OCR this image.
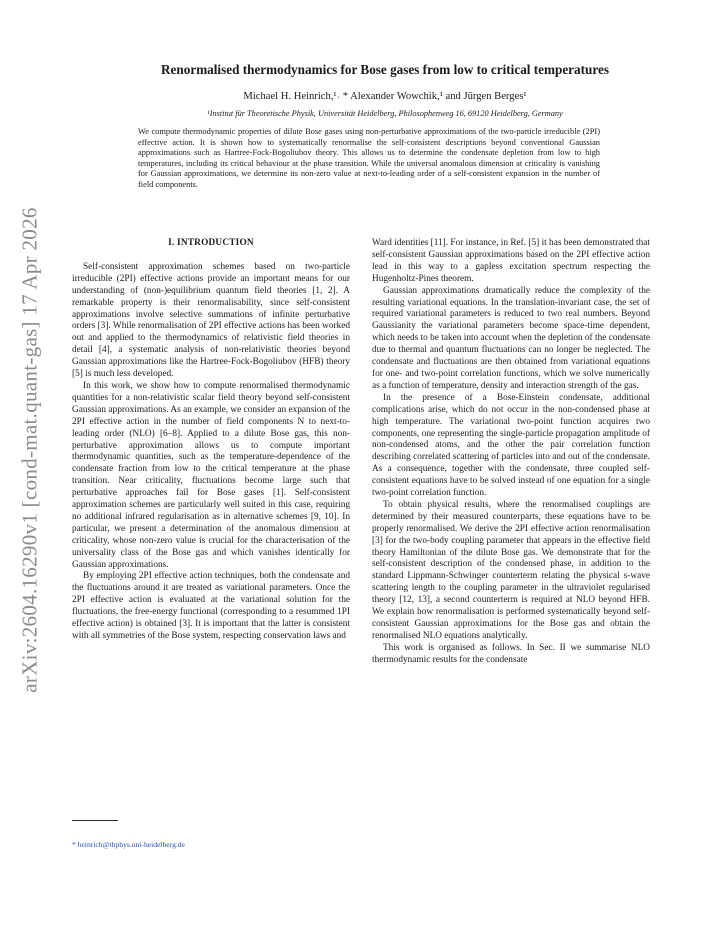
arXiv:2604.16290v1 [cond-mat.quant-gas] 17 Apr 2026
Renormalised thermodynamics for Bose gases from low to critical temperatures
Michael H. Heinrich,¹˒ * Alexander Wowchik,¹ and Jürgen Berges¹
¹Institut für Theoretische Physik, Universität Heidelberg, Philosophenweg 16, 69120 Heidelberg, Germany
We compute thermodynamic properties of dilute Bose gases using non-perturbative approximations of the two-particle irreducible (2PI) effective action. It is shown how to systematically renormalise the self-consistent descriptions beyond conventional Gaussian approximations such as Hartree-Fock-Bogoliubov theory. This allows us to determine the condensate depletion from low to high temperatures, including its critical behaviour at the phase transition. While the universal anomalous dimension at criticality is vanishing for Gaussian approximations, we determine its non-zero value at next-to-leading order of a self-consistent expansion in the number of field components.
I. INTRODUCTION

Self-consistent approximation schemes based on two-particle irreducible (2PI) effective actions provide an important means for our understanding of (non-)equilibrium quantum field theories [1, 2]. A remarkable property is their renormalisability, since self-consistent approximations involve selective summations of infinite perturbative orders [3]. While renormalisation of 2PI effective actions has been worked out and applied to the thermodynamics of relativistic field theories in detail [4], a systematic analysis of non-relativistic theories beyond Gaussian approximations like the Hartree-Fock-Bogoliubov (HFB) theory [5] is much less developed.

In this work, we show how to compute renormalised thermodynamic quantities for a non-relativistic scalar field theory beyond self-consistent Gaussian approximations. As an example, we consider an expansion of the 2PI effective action in the number of field components N to next-to-leading order (NLO) [6–8]. Applied to a dilute Bose gas, this non-perturbative approximation allows us to compute important thermodynamic quantities, such as the temperature-dependence of the condensate fraction from low to the critical temperature at the phase transition. Near criticality, fluctuations become large such that perturbative approaches fail for Bose gases [1]. Self-consistent approximation schemes are particularly well suited in this case, requiring no additional infrared regularisation as in alternative schemes [9, 10]. In particular, we present a determination of the anomalous dimension at criticality, whose non-zero value is crucial for the characterisation of the universality class of the Bose gas and which vanishes identically for Gaussian approximations.

By employing 2PI effective action techniques, both the condensate and the fluctuations around it are treated as variational parameters. Once the 2PI effective action is evaluated at the variational solution for the fluctuations, the free-energy functional (corresponding to a resummed 1PI effective action) is obtained [3]. It is important that the latter is consistent with all symmetries of the Bose system, respecting conservation laws and

Ward identities [11]. For instance, in Ref. [5] it has been demonstrated that self-consistent Gaussian approximations based on the 2PI effective action lead in this way to a gapless excitation spectrum respecting the Hugenholtz-Pines theorem.

Gaussian approximations dramatically reduce the complexity of the resulting variational equations. In the translation-invariant case, the set of required variational parameters is reduced to two real numbers. Beyond Gaussianity the variational parameters become space-time dependent, which needs to be taken into account when the depletion of the condensate due to thermal and quantum fluctuations can no longer be neglected. The condensate and fluctuations are then obtained from variational equations for one- and two-point correlation functions, which we solve numerically as a function of temperature, density and interaction strength of the gas.

In the presence of a Bose-Einstein condensate, additional complications arise, which do not occur in the non-condensed phase at high temperature. The variational two-point function acquires two components, one representing the single-particle propagation amplitude of non-condensed atoms, and the other the pair correlation function describing correlated scattering of particles into and out of the condensate. As a consequence, together with the condensate, three coupled self-consistent equations have to be solved instead of one equation for a single two-point correlation function.

To obtain physical results, where the renormalised couplings are determined by their measured counterparts, these equations have to be properly renormalised. We derive the 2PI effective action renormalisation [3] for the two-body coupling parameter that appears in the effective field theory Hamiltonian of the dilute Bose gas. We demonstrate that for the self-consistent description of the condensed phase, in addition to the standard Lippmann-Schwinger counterterm relating the physical s-wave scattering length to the coupling parameter in the ultraviolet regularised theory [12, 13], a second counterterm is required at NLO beyond HFB. We explain how renormalisation is performed systematically beyond self-consistent Gaussian approximations for the Bose gas and obtain the renormalised NLO equations analytically.

This work is organised as follows. In Sec. II we summarise NLO thermodynamic results for the condensate

* heinrich@thphys.uni-heidelberg.de
